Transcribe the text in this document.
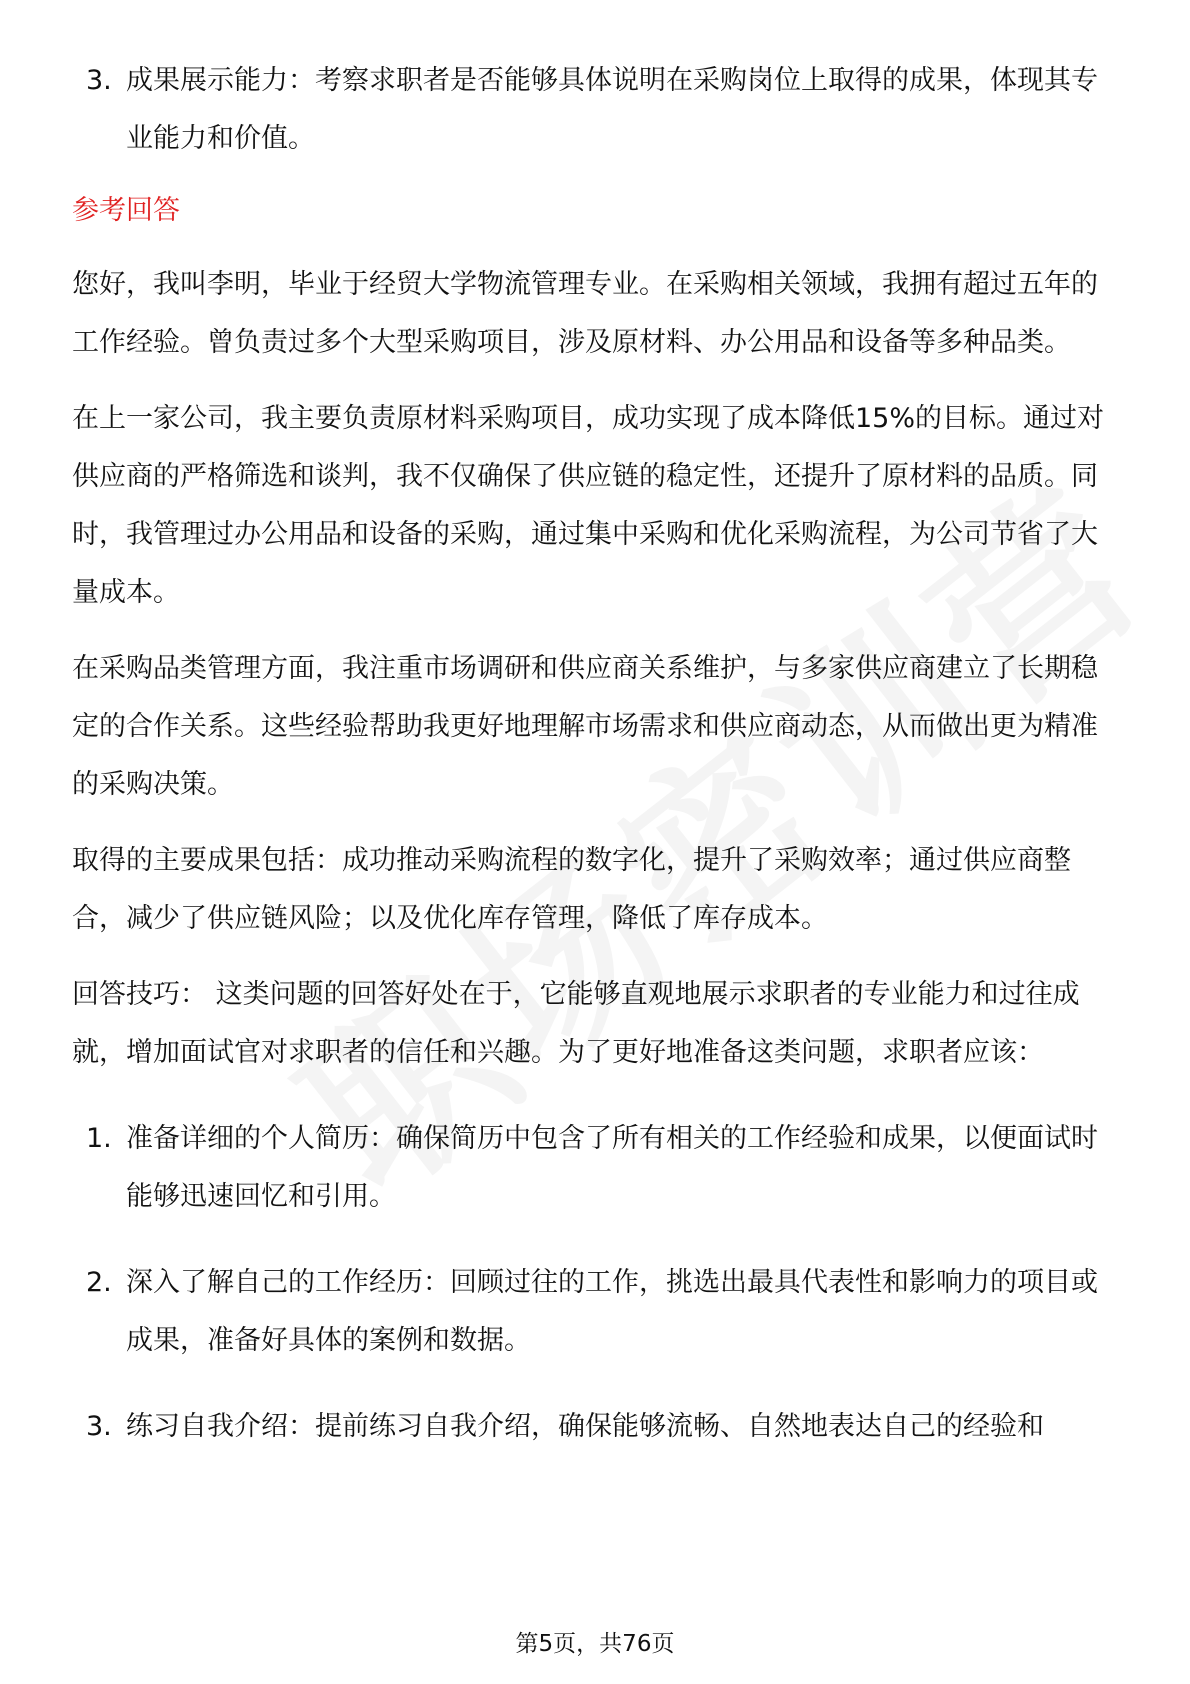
3. 成果展示能力：考察求职者是否能够具体说明在采购岗位上取得的成果，体现其专业能力和价值。
参考回答
您好，我叫李明，毕业于经贸大学物流管理专业。在采购相关领域，我拥有超过五年的工作经验。曾负责过多个大型采购项目，涉及原材料、办公用品和设备等多种品类。
在上一家公司，我主要负责原材料采购项目，成功实现了成本降低15%的目标。通过对供应商的严格筛选和谈判，我不仅确保了供应链的稳定性，还提升了原材料的品质。同时，我管理过办公用品和设备的采购，通过集中采购和优化采购流程，为公司节省了大量成本。
在采购品类管理方面，我注重市场调研和供应商关系维护，与多家供应商建立了长期稳定的合作关系。这些经验帮助我更好地理解市场需求和供应商动态，从而做出更为精准的采购决策。
取得的主要成果包括：成功推动采购流程的数字化，提升了采购效率；通过供应商整合，减少了供应链风险；以及优化库存管理，降低了库存成本。
回答技巧： 这类问题的回答好处在于，它能够直观地展示求职者的专业能力和过往成就，增加面试官对求职者的信任和兴趣。为了更好地准备这类问题，求职者应该：
1. 准备详细的个人简历：确保简历中包含了所有相关的工作经验和成果，以便面试时能够迅速回忆和引用。
2. 深入了解自己的工作经历：回顾过往的工作，挑选出最具代表性和影响力的项目或成果，准备好具体的案例和数据。
3. 练习自我介绍：提前练习自我介绍，确保能够流畅、自然地表达自己的经验和
第5页，共76页
